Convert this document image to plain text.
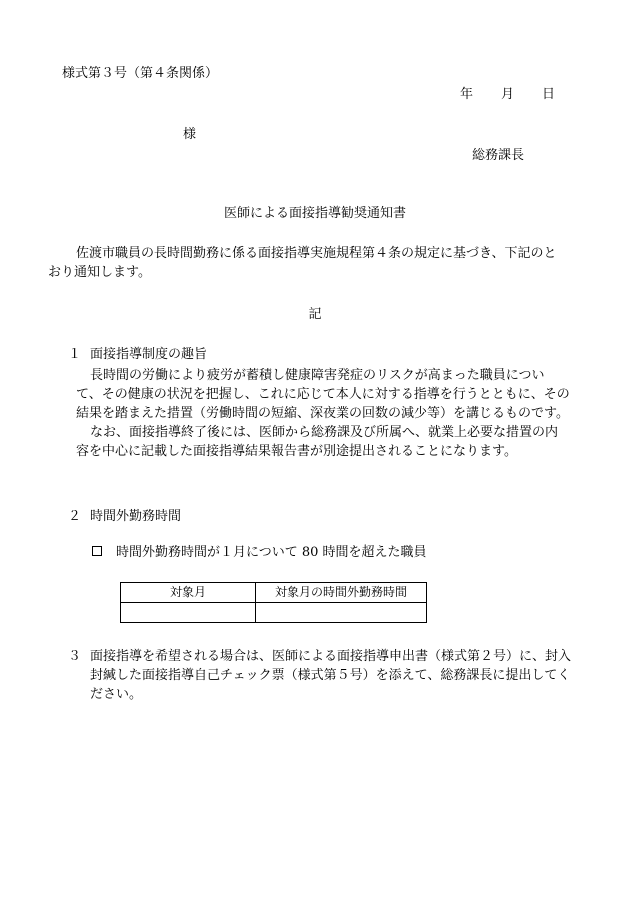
様式第３号（第４条関係）
年 月 日
様
総務課長
医師による面接指導勧奨通知書
佐渡市職員の長時間勤務に係る面接指導実施規程第４条の規定に基づき、下記のと
おり通知します。
記
１ 面接指導制度の趣旨

長時間の労働により疲労が蓄積し健康障害発症のリスクが高まった職員について、その健康の状況を把握し、これに応じて本人に対する指導を行うとともに、その結果を踏まえた措置（労働時間の短縮、深夜業の回数の減少等）を講じるものです。

なお、面接指導終了後には、医師から総務課及び所属へ、就業上必要な措置の内容を中心に記載した面接指導結果報告書が別途提出されることになります。

２ 時間外勤務時間
時間外勤務時間が１月について 80 時間を超えた職員
対象月	対象月の時間外勤務時間

３ 面接指導を希望される場合は、医師による面接指導申出書（様式第２号）に、封入封緘した面接指導自己チェック票（様式第５号）を添えて、総務課長に提出してください。
